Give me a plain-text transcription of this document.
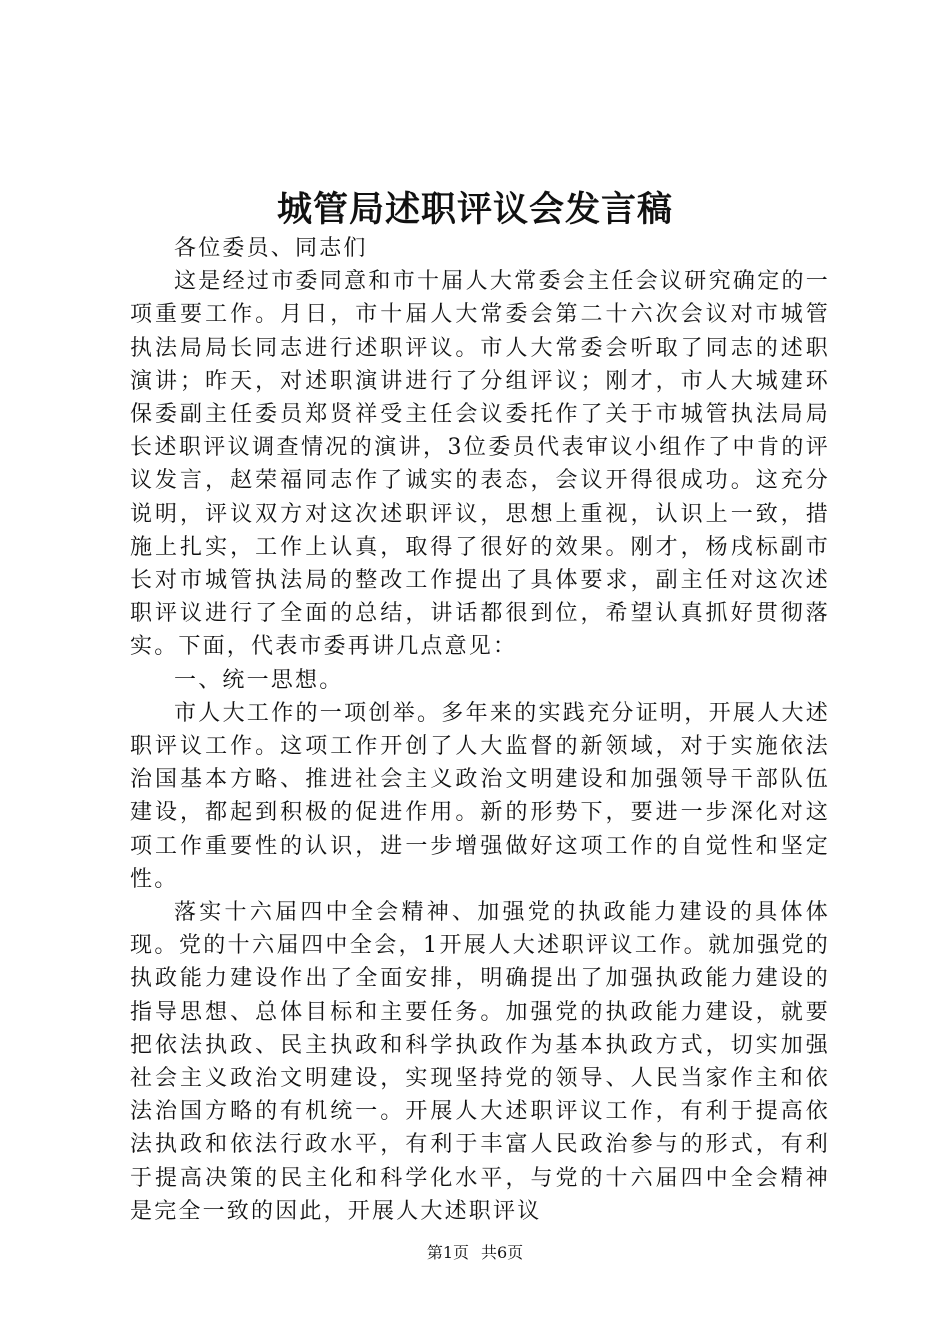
城管局述职评议会发言稿

各位委员、同志们

这是经过市委同意和市十届人大常委会主任会议研究确定的一项重要工作。月日，市十届人大常委会第二十六次会议对市城管执法局局长同志进行述职评议。市人大常委会听取了同志的述职演讲；昨天，对述职演讲进行了分组评议；刚才，市人大城建环保委副主任委员郑贤祥受主任会议委托作了关于市城管执法局局长述职评议调查情况的演讲，3位委员代表审议小组作了中肯的评议发言，赵荣福同志作了诚实的表态，会议开得很成功。这充分说明，评议双方对这次述职评议，思想上重视，认识上一致，措施上扎实，工作上认真，取得了很好的效果。刚才，杨戌标副市长对市城管执法局的整改工作提出了具体要求，副主任对这次述职评议进行了全面的总结，讲话都很到位，希望认真抓好贯彻落实。下面，代表市委再讲几点意见：

一、统一思想。

市人大工作的一项创举。多年来的实践充分证明，开展人大述职评议工作。这项工作开创了人大监督的新领域，对于实施依法治国基本方略、推进社会主义政治文明建设和加强领导干部队伍建设，都起到积极的促进作用。新的形势下，要进一步深化对这项工作重要性的认识，进一步增强做好这项工作的自觉性和坚定性。

落实十六届四中全会精神、加强党的执政能力建设的具体体现。党的十六届四中全会，1开展人大述职评议工作。就加强党的执政能力建设作出了全面安排，明确提出了加强执政能力建设的指导思想、总体目标和主要任务。加强党的执政能力建设，就要把依法执政、民主执政和科学执政作为基本执政方式，切实加强社会主义政治文明建设，实现坚持党的领导、人民当家作主和依法治国方略的有机统一。开展人大述职评议工作，有利于提高依法执政和依法行政水平，有利于丰富人民政治参与的形式，有利于提高决策的民主化和科学化水平，与党的十六届四中全会精神是完全一致的因此，开展人大述职评议

第1页 共6页
